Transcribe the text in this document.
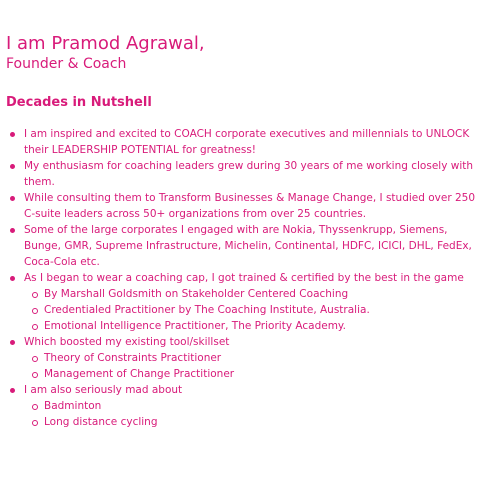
I am Pramod Agrawal,
Founder & Coach
Decades in Nutshell
I am inspired and excited to COACH corporate executives and millennials to UNLOCK their LEADERSHIP POTENTIAL for greatness!
My enthusiasm for coaching leaders grew during 30 years of me working closely with them.
While consulting them to Transform Businesses & Manage Change, I studied over 250 C-suite leaders across 50+ organizations from over 25 countries.
Some of the large corporates I engaged with are Nokia, Thyssenkrupp, Siemens, Bunge, GMR, Supreme Infrastructure, Michelin, Continental, HDFC, ICICI, DHL, FedEx, Coca-Cola etc.
As I began to wear a coaching cap, I got trained & certified by the best in the game
By Marshall Goldsmith on Stakeholder Centered Coaching
Credentialed Practitioner by The Coaching Institute, Australia.
Emotional Intelligence Practitioner, The Priority Academy.
Which boosted my existing tool/skillset
Theory of Constraints Practitioner
Management of Change Practitioner
I am also seriously mad about
Badminton
Long distance cycling
